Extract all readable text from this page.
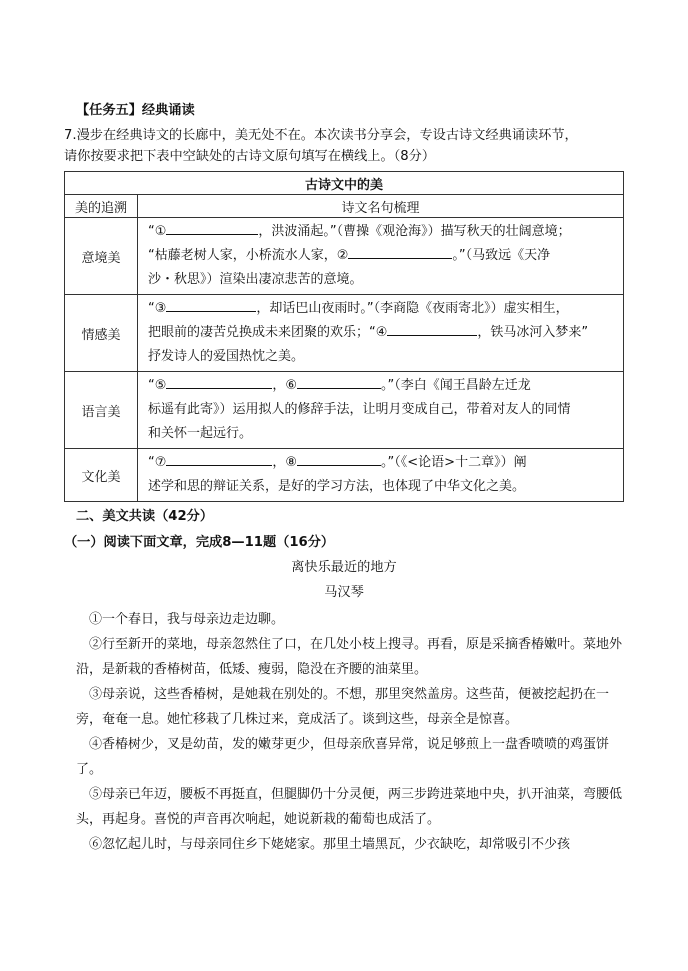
【任务五】经典诵读
7.漫步在经典诗文的长廊中，美无处不在。本次读书分享会，专设古诗文经典诵读环节，
请你按要求把下表中空缺处的古诗文原句填写在横线上。（8分）
古诗文中的美	
美的追溯	诗文名句梳理
意境美	“① ，洪波涌起。”（曹操《观沧海》）描写秋天的壮阔意境；
“枯藤老树人家，小桥流水人家，② 。”（马致远《天净
沙・秋思》）渲染出凄凉悲苦的意境。

情感美	“③ ，却话巴山夜雨时。”（李商隐《夜雨寄北》）虚实相生，
把眼前的凄苦兑换成未来团聚的欢乐；“④ ，铁马冰河入梦来”
抒发诗人的爱国热忱之美。

语言美	“⑤ ，⑥ 。”（李白《闻王昌龄左迁龙
标遥有此寄》）运用拟人的修辞手法，让明月变成自己，带着对友人的同情
和关怀一起远行。

文化美	“⑦ ，⑧ 。”（《<论语>十二章》）阐
述学和思的辩证关系，是好的学习方法，也体现了中华文化之美。
二、美文共读（42分）
（一）阅读下面文章，完成8—11题（16分）
离快乐最近的地方
马汉琴
①一个春日，我与母亲边走边聊。
②行至新开的菜地，母亲忽然住了口，在几处小枝上搜寻。再看，原是采摘香椿嫩叶。菜地外沿，是新栽的香椿树苗，低矮、瘦弱，隐没在齐腰的油菜里。
③母亲说，这些香椿树，是她栽在别处的。不想，那里突然盖房。这些苗，便被挖起扔在一旁，奄奄一息。她忙移栽了几株过来，竟成活了。谈到这些，母亲全是惊喜。
④香椿树少，叉是幼苗，发的嫩芽更少，但母亲欣喜异常，说足够煎上一盘香喷喷的鸡蛋饼了。
⑤母亲已年迈，腰板不再挺直，但腿脚仍十分灵便，两三步跨进菜地中央，扒开油菜，弯腰低头，再起身。喜悦的声音再次响起，她说新栽的葡萄也成活了。
⑥忽忆起儿时，与母亲同住乡下姥姥家。那里土墙黑瓦，少衣缺吃，却常吸引不少孩
